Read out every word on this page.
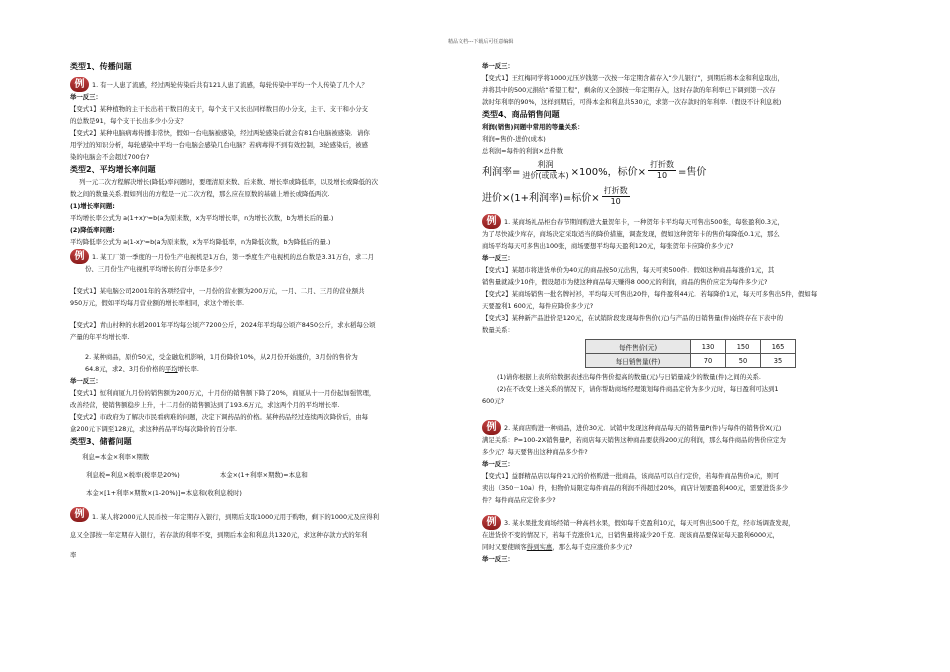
精品文档---下载后可任意编辑
类型1、传播问题
例	1. 有一人患了流感，经过两轮传染后共有121人患了流感，每轮传染中平均一个人传染了几个人？
举一反三：
【变式1】某种植物的主干长出若干数目的支干，每个支干又长出同样数目的小分支，主干、支干和小分支
的总数是91，每个支干长出多少小分支？
【变式2】某种电脑病毒传播非常快，假如一台电脑被感染，经过两轮感染后就会有81台电脑被感染．请你
用学过的知识分析，每轮感染中平均一台电脑会感染几台电脑？若病毒得不到有效控制，3轮感染后，被感
染的电脑会不会超过700台?
类型2、平均增长率问题
列一元二次方程解决增长(降低)率问题时，要理清原来数、后来数、增长率或降低率，以及增长或降低的次
数之间的数量关系.假如列出的方程是一元二次方程，那么应在原数的基础上增长或降低两次.
(1)增长率问题:
平均增长率公式为 a(1+x)ⁿ=b(a为原来数，x为平均增长率，n为增长次数，b为增长后的量.)
(2)降低率问题:
平均降低率公式为 a(1-x)ⁿ=b(a为原来数，x为平均降低率，n为降低次数，b为降低后的量.)
例	1. 某工厂第一季度的一月份生产电视机是1万台，第一季度生产电视机的总台数是3.31万台，求二月
份、三月份生产电视机平均增长的百分率是多少？
【变式1】某电脑公司2001年的各项经营中，一月份的营业额为200万元，一月、二月、三月的营业额共
950万元，假如平均每月营业额的增长率相同，求这个增长率.
【变式2】青山村种的水稻2001年平均每公顷产7200公斤，2024年平均每公顷产8450公斤，求水稻每公顷
产量的年平均增长率.
2. 某种商品，原价50元，受金融危机影响，1月份降价10%，从2月份开始涨价，3月份的售价为
64.8元，求2、3月份价格的平均增长率.
举一反三：
【变式1】恒利商厦九月份的销售额为200万元，十月份的销售额下降了20%，商厦从十一月份起加强管理，
改善经营，使销售额稳步上升，十二月份的销售额达到了193.6万元，求这两个月的平均增长率.
【变式2】市政府为了解决市民看病难的问题，决定下调药品的价格。某种药品经过连续两次降价后，由每
盒200元下调至128元，求这种药品平均每次降价的百分率.
类型3、储蓄问题
利息=本金×利率×期数
利息税=利息×税率(税率是20%)	本金×(1+利率×期数)=本息和
本金×[1+利率×期数×(1-20%)]=本息和(收利息税时)
例	1. 某人将2000元人民币按一年定期存入银行，到期后支取1000元用于购物，剩下的1000元及应得利
息又全部按一年定期存入银行，若存款的利率不变，到期后本金和利息共1320元，求这种存款方式的年利
率
举一反三：
【变式1】王红梅同学将1000元压岁钱第一次按一年定期含蓄存入“少儿银行”，到期后将本金和利息取出，
并将其中的500元捐给“希望工程”，剩余的又全部按一年定期存入，这时存款的年利率已下调到第一次存
款时年利率的90%，这样到期后，可得本金和利息共530元，求第一次存款时的年利率.（假设不计利息税)
类型4、商品销售问题
利润(销售)问题中常用的等量关系：
利润=售价-进价(成本)
总利润=每件的利润×总件数
利润率= $\frac{\text{利润}}{\text{进价(或成本)}} \times 100\%$，标价× $\frac{\text{打折数}}{10}$ =售价
进价×(1+利润率)=标价× $\frac{\text{打折数}}{10}$
例	1. 某商场礼品柜台春节期间购进大量贺年卡，一种贺年卡平均每天可售出500张，每张盈利0.3元，
为了尽快减少库存，商场决定采取适当的降价措施，调查发现，假如这种贺年卡的售价每降低0.1元，那么
商场平均每天可多售出100张，商场要想平均每天盈利120元，每张贺年卡应降价多少元?
举一反三：
【变式1】某超市将进货单价为40元的商品按50元出售，每天可卖500件．假如这种商品每涨价1元，其
销售量就减少10件，假设超市为使这种商品每天赚得8 000元的利润，商品的售价应定为每件多少元?
【变式2】某商场销售一批名牌衬衫，平均每天可售出20件，每件盈利44元．若每降价1元，每天可多售出5件，假如每
天要盈利1 600元，每件应降价多少元?
【变式3】某种新产品进价是120元，在试销阶段发现每件售价(元)与产品的日销售量(件)始终存在下表中的
数量关系：
每件售价(元)	130	150	165
每日销售量(件)	70	50	35
(1)请你根据上表所给数据表述出每件售价提高的数量(元)与日销量减少的数量(件)之间的关系.
(2)在不改变上述关系的情况下，请你帮助商场经理策划每件商品定价为多少元时，每日盈利可达到1
600元?
例	2. 某商店购进一种商品，进价30元．试销中发现这种商品每天的销售量P(件)与每件的销售价X(元)
满足关系：P=100-2X销售量P，若商店每天销售这种商品要获得200元的利润，那么每件商品的售价应定为
多少元？每天要售出这种商品多少件?
举一反三：
【变式1】益群精品店以每件21元的价格购进一批商品，该商品可以自行定价，若每件商品售价a元，则可
卖出（350－10a）件，但物价局限定每件商品的利润不得超过20%，商店计划要盈利400元，需要进货多少
件？每件商品应定价多少?
例	3. 某水果批发商场经销一种高档水果，假如每千克盈利10元，每天可售出500千克，经市场调查发现，
在进货价不变的情况下，若每千克涨价1元，日销售量将减少20千克．现该商品要保证每天盈利6000元，
同时又要使顾客得到实惠，那么每千克应涨价多少元?
举一反三：
